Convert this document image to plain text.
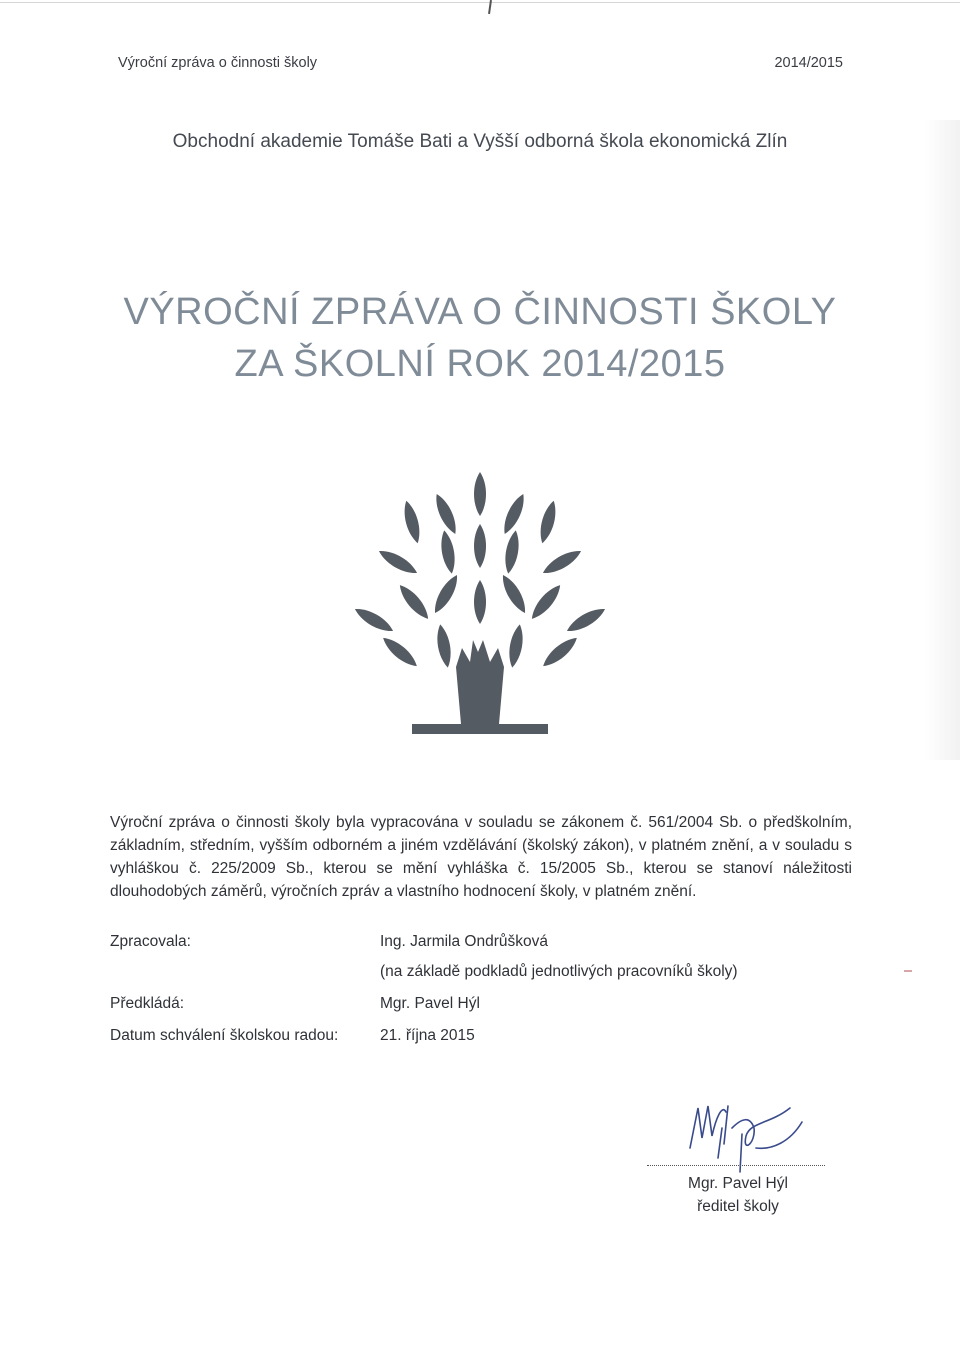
Výroční zpráva o činnosti školy	2014/2015
Obchodní akademie Tomáše Bati a Vyšší odborná škola ekonomická Zlín
VÝROČNÍ ZPRÁVA O ČINNOSTI ŠKOLY
ZA ŠKOLNÍ ROK 2014/2015
Výroční zpráva o činnosti školy byla vypracována v souladu se zákonem č. 561/2004 Sb. o předškolním, základním, středním, vyšším odborném a jiném vzdělávání (školský zákon), v platném znění, a v souladu s vyhláškou č. 225/2009 Sb., kterou se mění vyhláška č. 15/2005 Sb., kterou se stanoví náležitosti dlouhodobých záměrů, výročních zpráv a vlastního hodnocení školy, v platném znění.
Zpracovala:	Ing. Jarmila Ondrůšková
(na základě podkladů jednotlivých pracovníků školy)
Předkládá:	Mgr. Pavel Hýl
Datum schválení školskou radou:	21. října 2015
Mgr. Pavel Hýl
ředitel školy
